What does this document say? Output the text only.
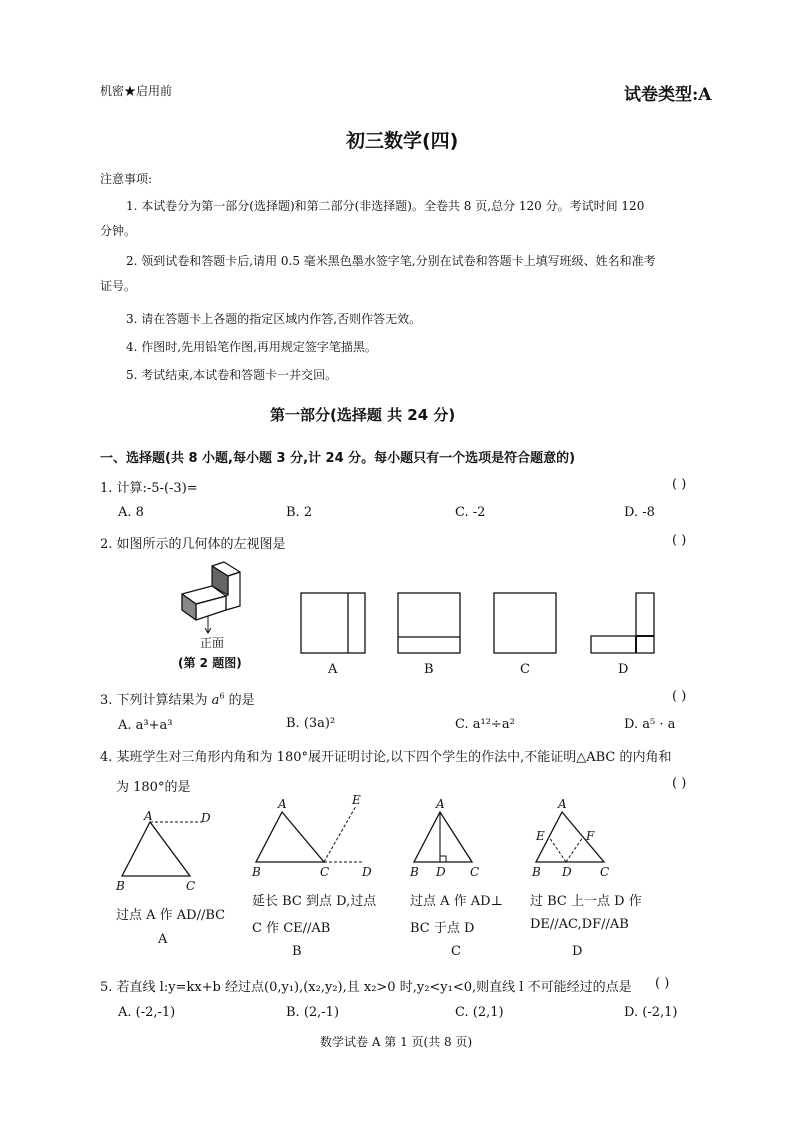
机密★启用前	试卷类型:A
初三数学(四)
注意事项:
1. 本试卷分为第一部分(选择题)和第二部分(非选择题)。全卷共 8 页,总分 120 分。考试时间 120
分钟。
2. 领到试卷和答题卡后,请用 0.5 毫米黑色墨水签字笔,分别在试卷和答题卡上填写班级、姓名和准考
证号。
3. 请在答题卡上各题的指定区域内作答,否则作答无效。
4. 作图时,先用铅笔作图,再用规定签字笔描黑。
5. 考试结束,本试卷和答题卡一并交回。
第一部分(选择题 共 24 分)
一、选择题(共 8 小题,每小题 3 分,计 24 分。每小题只有一个选项是符合题意的)
1. 计算:-5-(-3)=	( )
A. 8	B. 2	C. -2	D. -8
2. 如图所示的几何体的左视图是	( )
正面
(第 2 题图)	A	B	C	D
3. 下列计算结果为 $a^6$ 的是	( )
A. a³+a³	B. (3a)²	C. a¹²÷a²	D. a⁵ · a
4. 某班学生对三角形内角和为 180°展开证明讨论,以下四个学生的作法中,不能证明△ABC 的内角和
为 180°的是	( )
A	D
B	C
过点 A 作 AD//BC
A
A	E
B	C	D
延长 BC 到点 D,过点
C 作 CE//AB
B
A
B D C
过点 A 作 AD⊥
BC 于点 D
C
A
E	F
B D C
过 BC 上一点 D 作
DE//AC,DF//AB
D
5. 若直线 l:y=kx+b 经过点(0,y₁),(x₂,y₂),且 x₂>0 时,y₂<y₁<0,则直线 l 不可能经过的点是 ( )
A. (-2,-1)	B. (2,-1)	C. (2,1)	D. (-2,1)
数学试卷 A 第 1 页(共 8 页)
